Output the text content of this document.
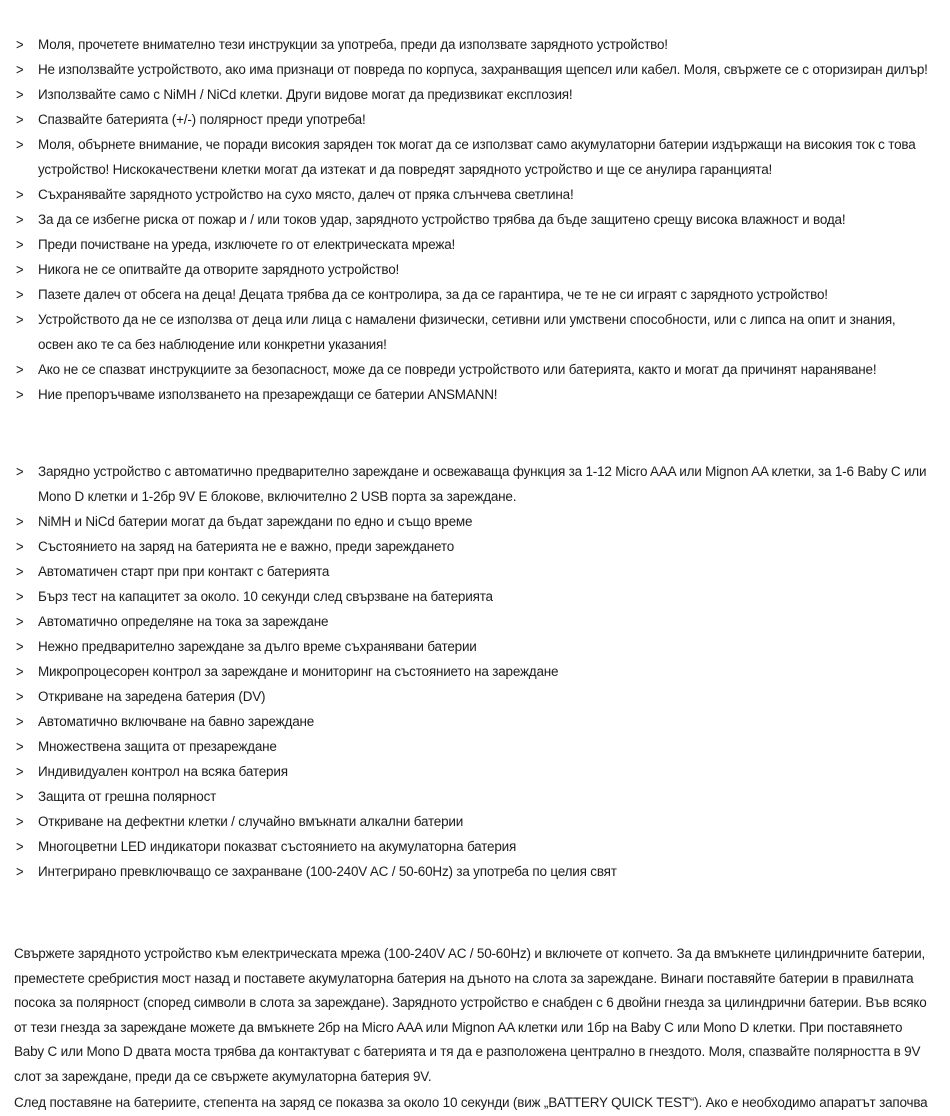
> Моля, прочетете внимателно тези инструкции за употреба, преди да използвате зарядното устройство!
> Не използвайте устройството, ако има признаци от повреда по корпуса, захранващия щепсел или кабел. Моля, свържете се с оторизиран дилър!
> Използвайте само с NiMH / NiCd клетки. Други видове могат да предизвикат експлозия!
> Спазвайте батерията (+/-) полярност преди употреба!
> Моля, обърнете внимание, че поради високия заряден ток могат да се използват само акумулаторни батерии издържащи на високия ток с това устройство! Нискокачествени клетки могат да изтекат и да повредят зарядното устройство и ще се анулира гаранцията!
> Съхранявайте зарядното устройство на сухо място, далеч от пряка слънчева светлина!
> За да се избегне риска от пожар и / или токов удар, зарядното устройство трябва да бъде защитено срещу висока влажност и вода!
> Преди почистване на уреда, изключете го от електрическата мрежа!
> Никога не се опитвайте да отворите зарядното устройство!
> Пазете далеч от обсега на деца! Децата трябва да се контролира, за да се гарантира, че те не си играят с зарядното устройство!
> Устройството да не се използва от деца или лица с намалени физически, сетивни или умствени способности, или с липса на опит и знания, освен ако те са без наблюдение или конкретни указания!
> Ако не се спазват инструкциите за безопасност, може да се повреди устройството или батерията, както и могат да причинят нараняване!
> Ние препоръчваме използването на презареждащи се батерии ANSMANN!
> Зарядно устройство с автоматично предварително зареждане и освежаваща функция за 1-12 Micro AAA или Mignon AA клетки, за 1-6 Baby C или Mono D клетки и 1-2бр 9V E блокове, включително 2 USB порта за зареждане.
> NiMH и NiCd батерии могат да бъдат зареждани по едно и също време
> Състоянието на заряд на батерията не е важно, преди зареждането
> Автоматичен старт при при контакт с батерията
> Бърз тест на капацитет за около. 10 секунди след свързване на батерията
> Автоматично определяне на тока за зареждане
> Нежно предварително зареждане за дълго време съхранявани батерии
> Микропроцесорен контрол за зареждане и мониторинг на състоянието на зареждане
> Откриване на заредена батерия (DV)
> Автоматично включване на бавно зареждане
> Множествена защита от презареждане
> Индивидуален контрол на всяка батерия
> Защита от грешна полярност
> Откриване на дефектни клетки / случайно вмъкнати алкални батерии
> Многоцветни LED индикатори показват състоянието на акумулаторна батерия
> Интегрирано превключващо се захранване (100-240V AC / 50-60Hz) за употреба по целия свят

Свържете зарядното устройство към електрическата мрежа (100-240V AC / 50-60Hz) и включете от копчето. За да вмъкнете цилиндричните батерии, преместете сребристия мост назад и поставете акумулаторна батерия на дъното на слота за зареждане. Винаги поставяйте батерии в правилната посока за полярност (според символи в слота за зареждане). Зарядното устройство е снабден с 6 двойни гнезда за цилиндрични батерии. Във всяко от тези гнезда за зареждане можете да вмъкнете 2бр на Micro AAA или Mignon AA клетки или 1бр на Baby C или Mono D клетки. При поставянето Baby C или Mono D двата моста трябва да контактуват с батерията и тя да е разположена централно в гнездото. Моля, спазвайте полярността в 9V слот за зареждане, преди да се свържете акумулаторна батерия 9V.

След поставяне на батериите, степента на заряд се показва за около 10 секунди (виж „BATTERY QUICK TEST“). Ако е необходимо апаратът започва
